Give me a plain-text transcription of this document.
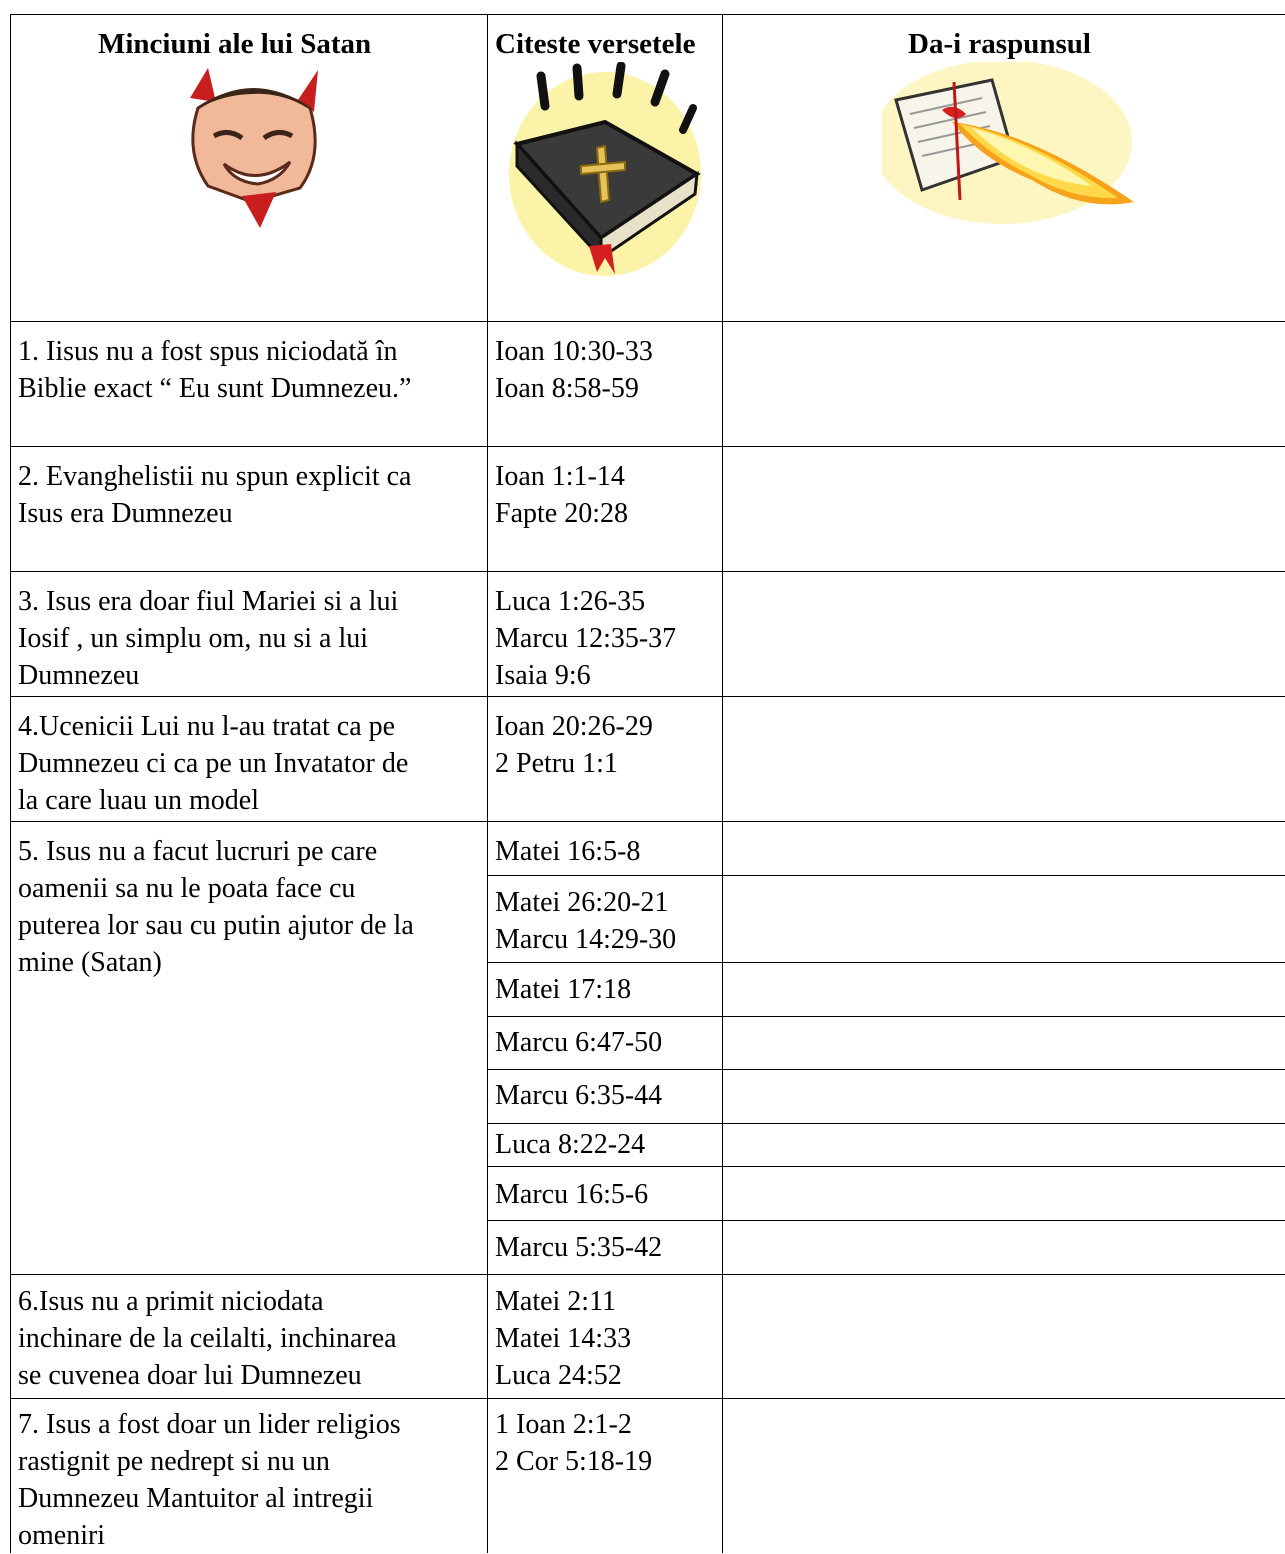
Minciuni ale lui Satan	Citeste versetele	Da-i raspunsul
1. Iisus nu a fost spus niciodată în
Biblie exact “ Eu sunt Dumnezeu.”
Ioan 10:30-33
Ioan 8:58-59
2. Evanghelistii nu spun explicit ca
Isus era Dumnezeu
Ioan 1:1-14
Fapte 20:28
3. Isus era doar fiul Mariei si a lui
Iosif , un simplu om, nu si a lui
Dumnezeu
Luca 1:26-35
Marcu 12:35-37
Isaia 9:6
4.Ucenicii Lui nu l-au tratat ca pe
Dumnezeu ci ca pe un Invatator de
la care luau un model
Ioan 20:26-29
2 Petru 1:1
5. Isus nu a facut lucruri pe care
oamenii sa nu le poata face cu
puterea lor sau cu putin ajutor de la
mine (Satan)
Matei 16:5-8
Matei 26:20-21
Marcu 14:29-30
Matei 17:18
Marcu 6:47-50
Marcu 6:35-44
Luca 8:22-24
Marcu 16:5-6
Marcu 5:35-42
6.Isus nu a primit niciodata
inchinare de la ceilalti, inchinarea
se cuvenea doar lui Dumnezeu
Matei 2:11
Matei 14:33
Luca 24:52
7. Isus a fost doar un lider religios
rastignit pe nedrept si nu un
Dumnezeu Mantuitor al intregii
omeniri
1 Ioan 2:1-2
2 Cor 5:18-19
